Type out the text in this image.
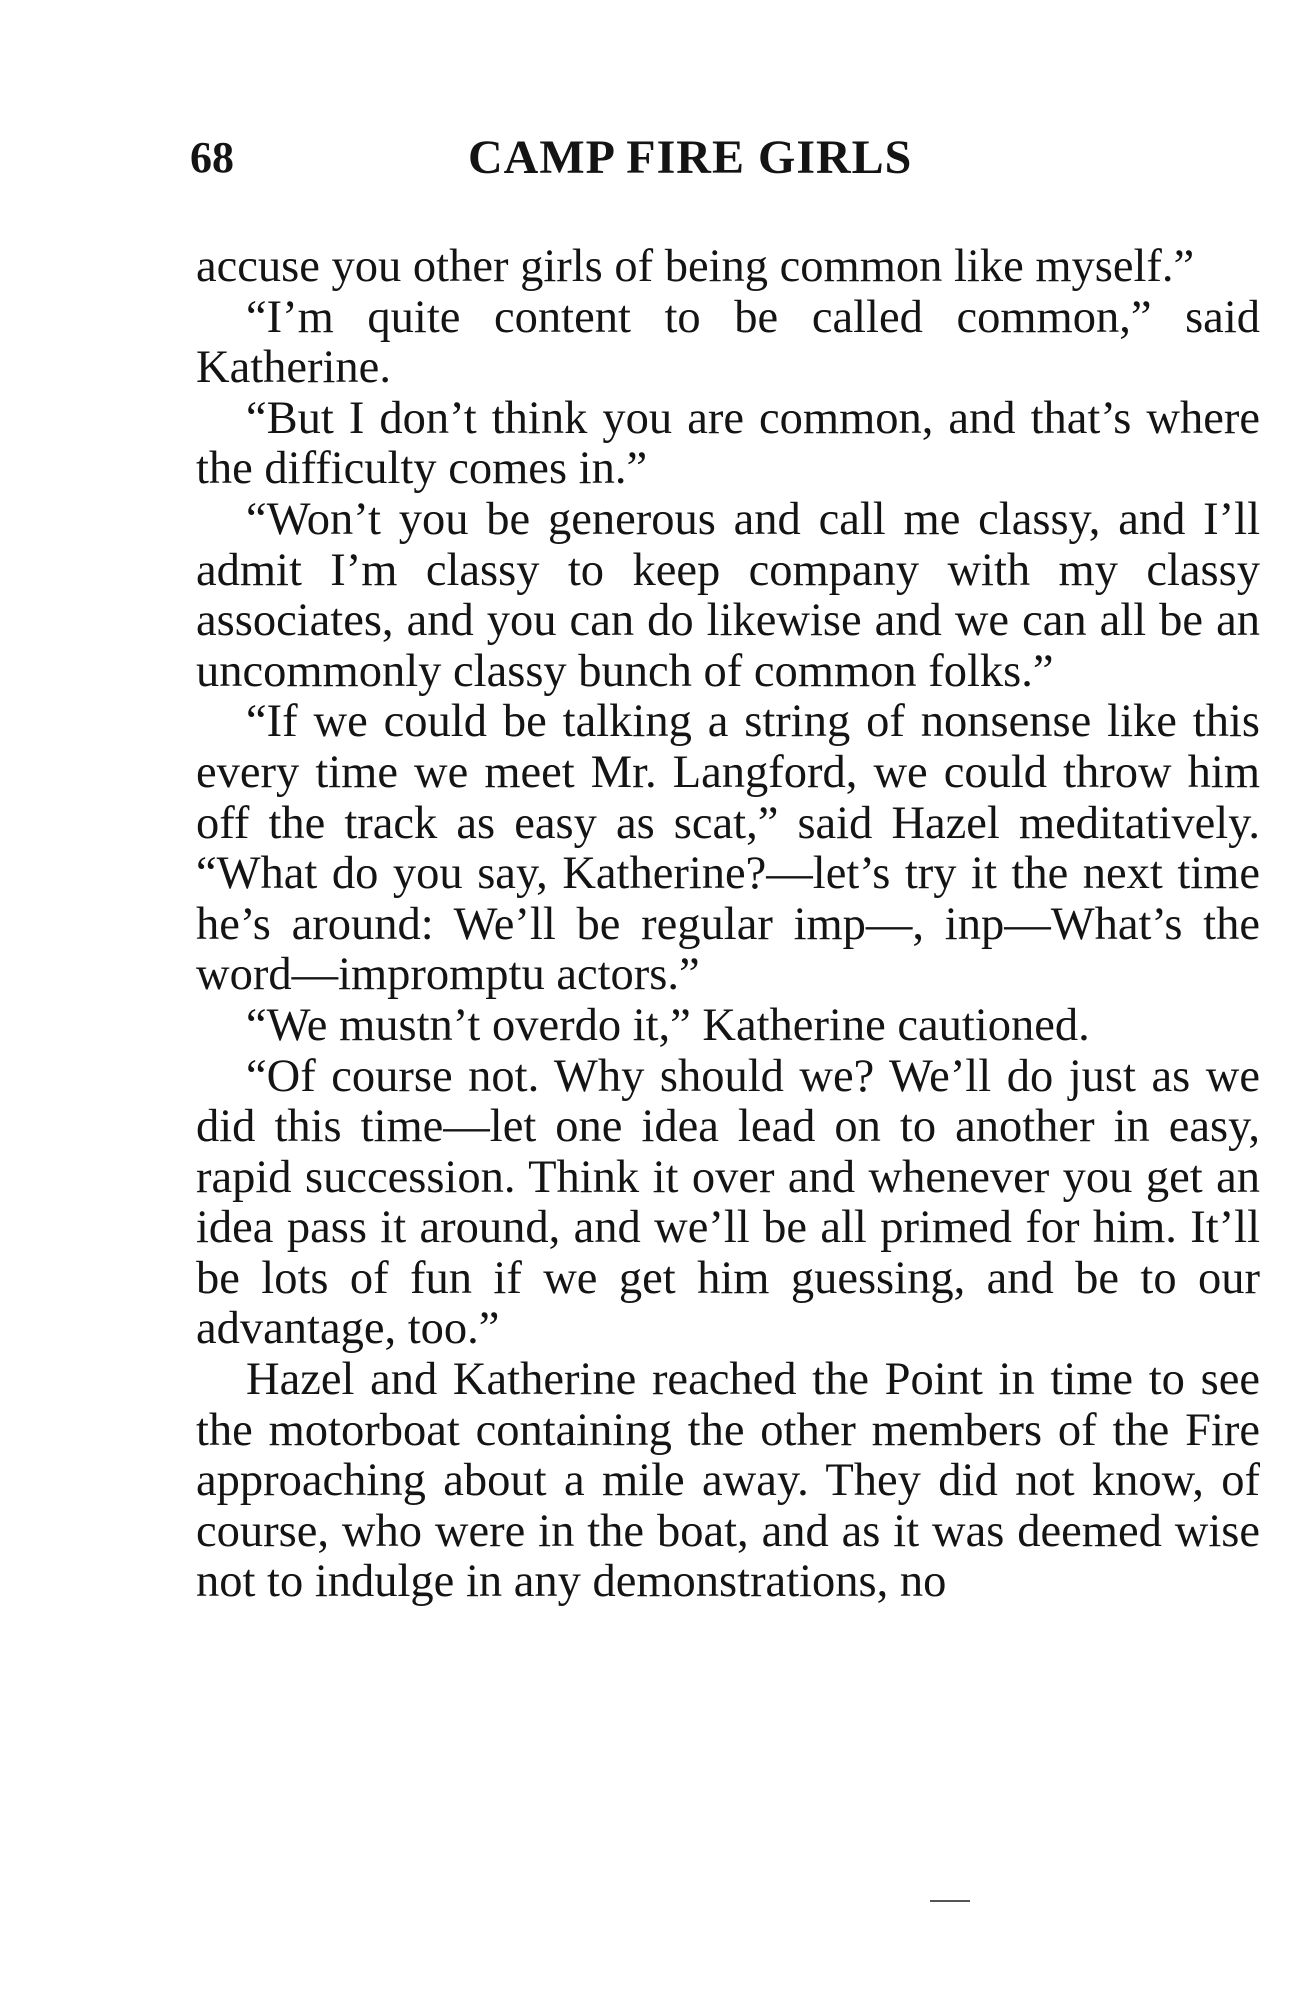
68	CAMP FIRE GIRLS

accuse you other girls of being common like myself.”

“I’m quite content to be called common,” said Katherine.

“But I don’t think you are common, and that’s where the difficulty comes in.”

“Won’t you be generous and call me classy, and I’ll admit I’m classy to keep company with my classy associates, and you can do likewise and we can all be an uncommonly classy bunch of common folks.”

“If we could be talking a string of nonsense like this every time we meet Mr. Langford, we could throw him off the track as easy as scat,” said Hazel meditatively. “What do you say, Katherine?—let’s try it the next time he’s around: We’ll be regular imp—, inp—What’s the word—impromptu actors.”

“We mustn’t overdo it,” Katherine cautioned.

“Of course not. Why should we? We’ll do just as we did this time—let one idea lead on to another in easy, rapid succession. Think it over and whenever you get an idea pass it around, and we’ll be all primed for him. It’ll be lots of fun if we get him guessing, and be to our advantage, too.”

Hazel and Katherine reached the Point in time to see the motorboat containing the other members of the Fire approaching about a mile away. They did not know, of course, who were in the boat, and as it was deemed wise not to indulge in any demonstrations, no
